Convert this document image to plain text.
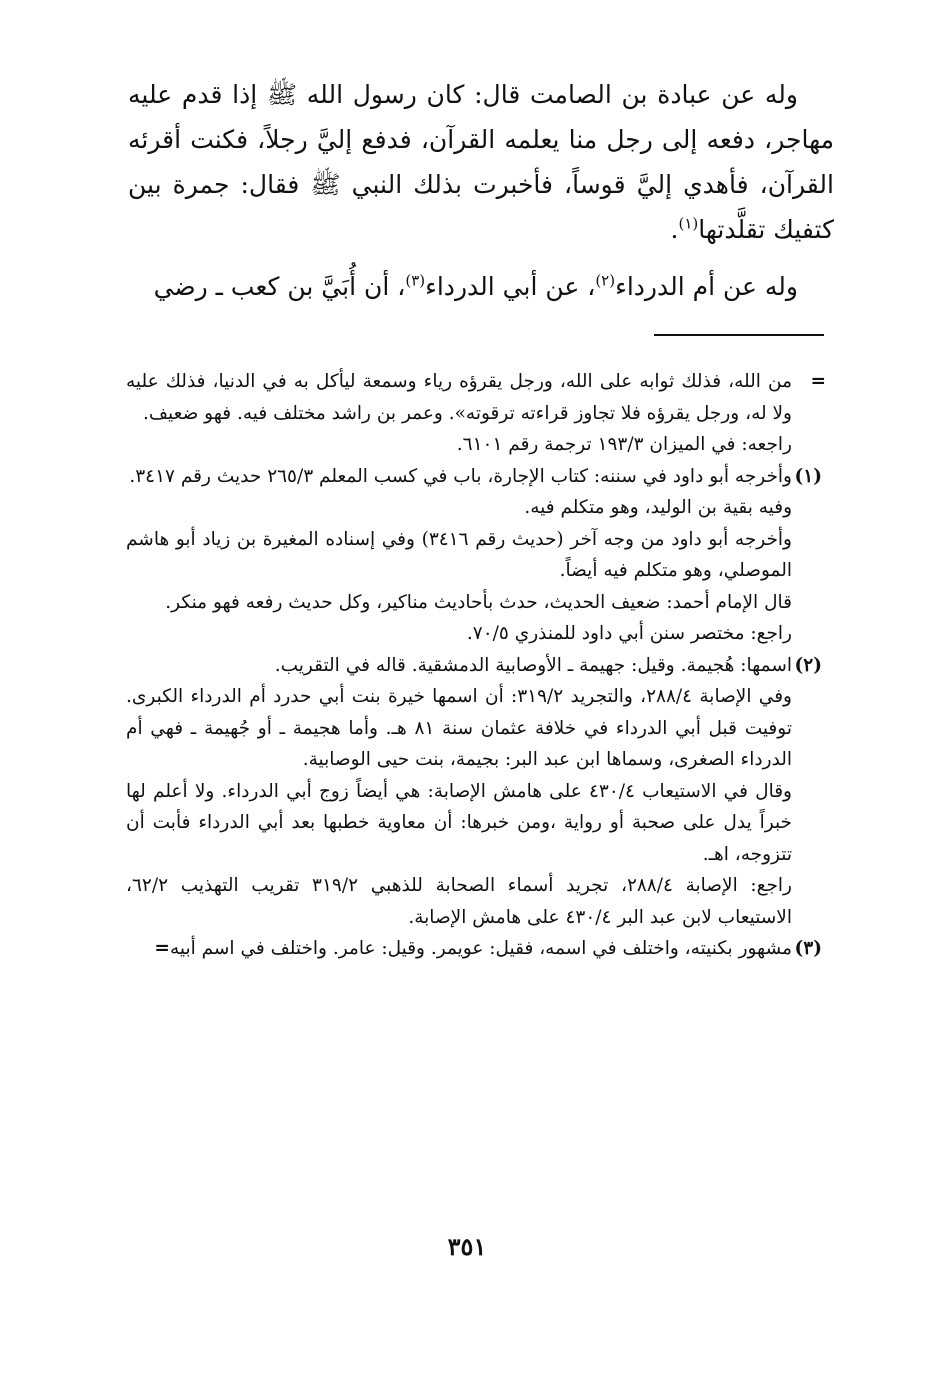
وله عن عبادة بن الصامت قال: كان رسول الله ﷺ إذا قدم عليه مهاجر، دفعه إلى رجل منا يعلمه القرآن، فدفع إليَّ رجلاً، فكنت أقرئه القرآن، فأهدي إليَّ قوساً، فأخبرت بذلك النبي ﷺ فقال: جمرة بين كتفيك تقلَّدتها$^{(١)}$.

وله عن أم الدرداء$^{(٢)}$، عن أبي الدرداء$^{(٣)}$، أن أُبَيَّ بن كعب ـ رضي

=

من الله، فذلك ثوابه على الله، ورجل يقرؤه رياء وسمعة ليأكل به في الدنيا، فذلك عليه ولا له، ورجل يقرؤه فلا تجاوز قراءته ترقوته». وعمر بن راشد مختلف فيه. فهو ضعيف.

راجعه: في الميزان ١٩٣/٣ ترجمة رقم ٦١٠١.

(١)

وأخرجه أبو داود في سننه: كتاب الإجارة، باب في كسب المعلم ٢٦٥/٣ حديث رقم ٣٤١٧.

وفيه بقية بن الوليد، وهو متكلم فيه.

وأخرجه أبو داود من وجه آخر (حديث رقم ٣٤١٦) وفي إسناده المغيرة بن زياد أبو هاشم الموصلي، وهو متكلم فيه أيضاً.

قال الإمام أحمد: ضعيف الحديث، حدث بأحاديث مناكير، وكل حديث رفعه فهو منكر.

راجع: مختصر سنن أبي داود للمنذري ٧٠/٥.

(٢)

اسمها: هُجيمة. وقيل: جهيمة ـ الأوصابية الدمشقية. قاله في التقريب.

وفي الإصابة ٢٨٨/٤، والتجريد ٣١٩/٢: أن اسمها خيرة بنت أبي حدرد أم الدرداء الكبرى. توفيت قبل أبي الدرداء في خلافة عثمان سنة ٨١ هـ. وأما هجيمة ـ أو جُهيمة ـ فهي أم الدرداء الصغرى، وسماها ابن عبد البر: بجيمة، بنت حيى الوصابية.

وقال في الاستيعاب ٤٣٠/٤ على هامش الإصابة: هي أيضاً زوج أبي الدرداء. ولا أعلم لها خبراً يدل على صحبة أو رواية ،ومن خبرها: أن معاوية خطبها بعد أبي الدرداء فأبت أن تتزوجه، اهـ.

راجع: الإصابة ٢٨٨/٤، تجريد أسماء الصحابة للذهبي ٣١٩/٢ تقريب التهذيب ٦٢/٢، الاستيعاب لابن عبد البر ٤٣٠/٤ على هامش الإصابة.

(٣)

مشهور بكنيته، واختلف في اسمه، فقيل: عويمر. وقيل: عامر. واختلف في اسم أبيه=

٣٥١
